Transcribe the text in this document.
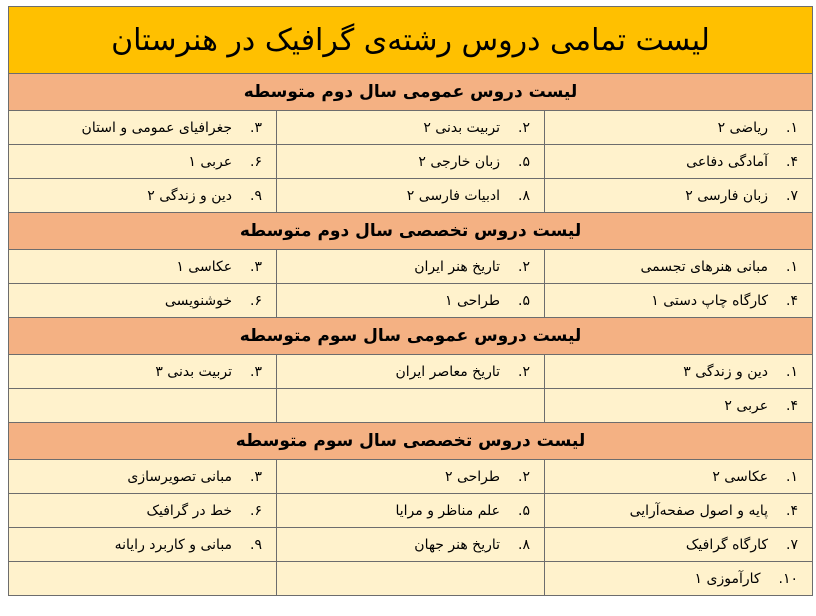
لیست تمامی دروس رشته‌ی گرافیک در هنرستان		
لیست دروس عمومی سال دوم متوسطه		
۱.ریاضی ۲	۲.تربیت بدنی ۲	۳.جغرافیای عمومی و استان
۴.آمادگی دفاعی	۵.زبان خارجی ۲	۶.عربی ۱
۷.زبان فارسی ۲	۸.ادبیات فارسی ۲	۹.دین و زندگی ۲
لیست دروس تخصصی سال دوم متوسطه		
۱.مبانی هنرهای تجسمی	۲.تاریخ هنر ایران	۳.عکاسی ۱
۴.کارگاه چاپ دستی ۱	۵.طراحی ۱	۶.خوشنویسی
لیست دروس عمومی سال سوم متوسطه		
۱.دین و زندگی ۳	۲.تاریخ معاصر ایران	۳.تربیت بدنی ۳
۴.عربی ۲		
لیست دروس تخصصی سال سوم متوسطه		
۱.عکاسی ۲	۲.طراحی ۲	۳.مبانی تصویرسازی
۴.پایه و اصول صفحه‌آرایی	۵.علم مناظر و مرایا	۶.خط در گرافیک
۷.کارگاه گرافیک	۸.تاریخ هنر جهان	۹.مبانی و کاربرد رایانه
۱۰.کارآموزی ۱		
